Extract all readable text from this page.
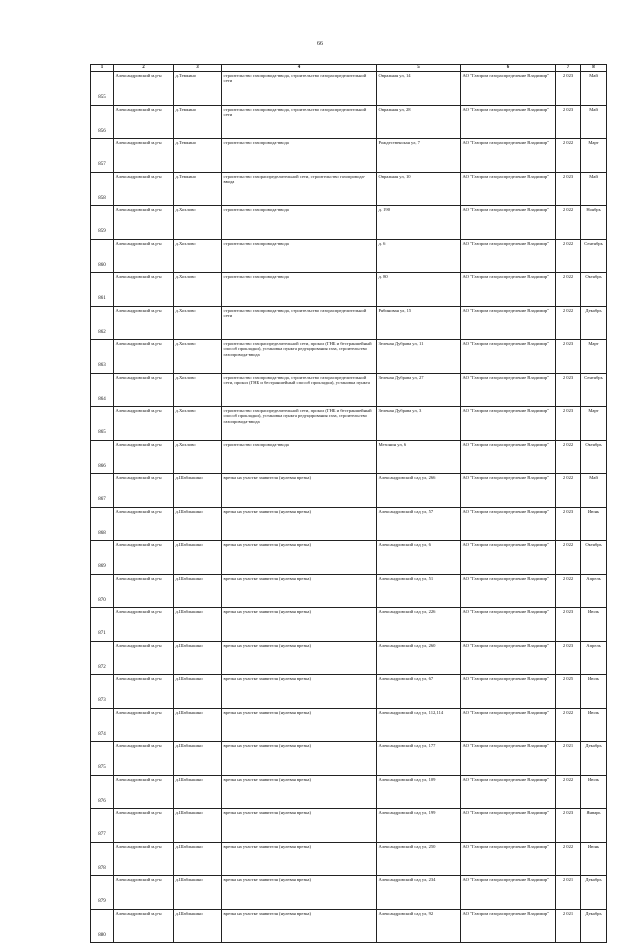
66
1	2	3	4	5	6	7	8
855	Александровский м.р-н	д.Темкино	строительство газопровода-ввода, строительство газораспределительной сети	Овражная ул, 14	АО "Газпром газораспределение Владимир"	2 023	Май
856	Александровский м.р-н	д.Темкино	строительство газопровода-ввода, строительство газораспределительной сети	Овражная ул, 28	АО "Газпром газораспределение Владимир"	2 023	Май
857	Александровский м.р-н	д.Темкино	строительство газопровода-ввода	Рождественская ул, 7	АО "Газпром газораспределение Владимир"	2 022	Март
858	Александровский м.р-н	д.Темкино	строительство газораспределительной сети, строительство газопровода-ввода	Овражная ул, 10	АО "Газпром газораспределение Владимир"	2 023	Май
859	Александровский м.р-н	д.Хохлово	строительство газопровода-ввода	д. 190	АО "Газпром газораспределение Владимир"	2 022	Ноябрь
860	Александровский м.р-н	д.Хохлово	строительство газопровода-ввода	д. 6	АО "Газпром газораспределение Владимир"	2 022	Сентябрь
861	Александровский м.р-н	д.Хохлово	строительство газопровода-ввода	д. 80	АО "Газпром газораспределение Владимир"	2 022	Октябрь
862	Александровский м.р-н	д.Хохлово	строительство газопровода-ввода, строительство газораспределительной сети	Рябиновая ул, 15	АО "Газпром газораспределение Владимир"	2 022	Декабрь
863	Александровский м.р-н	д.Хохлово	строительство газораспределительной сети, прокол (ГНБ и бестраншейный способ прокладки), установка пункта редуцирования газа, строительство газопровода-ввода	Зеленая Дубрава ул, 11	АО "Газпром газораспределение Владимир"	2 023	Март
864	Александровский м.р-н	д.Хохлово	строительство газопровода-ввода, строительство газораспределительной сети, прокол (ГНБ и бестраншейный способ прокладки), установка пункта	Зеленая Дубрава ул, 27	АО "Газпром газораспределение Владимир"	2 023	Сентябрь
865	Александровский м.р-н	д.Хохлово	строительство газораспределительной сети, прокол (ГНБ и бестраншейный способ прокладки), установка пункта редуцирования газа, строительство газопровода-ввода	Зеленая Дубрава ул, 3	АО "Газпром газораспределение Владимир"	2 023	Март
866	Александровский м.р-н	д.Хохлово	строительство газопровода-ввода	Мезонин ул, 6	АО "Газпром газораспределение Владимир"	2 022	Октябрь
867	Александровский м.р-н	д.Шаблыкино	врезка на участке заявителя (нулевая врезка)	Александровский сад ул, 266	АО "Газпром газораспределение Владимир"	2 022	Май
868	Александровский м.р-н	д.Шаблыкино	врезка на участке заявителя (нулевая врезка)	Александровский сад ул, 57	АО "Газпром газораспределение Владимир"	2 023	Июнь
869	Александровский м.р-н	д.Шаблыкино	врезка на участке заявителя (нулевая врезка)	Александровский сад ул, 6	АО "Газпром газораспределение Владимир"	2 022	Октябрь
870	Александровский м.р-н	д.Шаблыкино	врезка на участке заявителя (нулевая врезка)	Александровский сад ул, 51	АО "Газпром газораспределение Владимир"	2 022	Апрель
871	Александровский м.р-н	д.Шаблыкино	врезка на участке заявителя (нулевая врезка)	Александровский сад ул, 226	АО "Газпром газораспределение Владимир"	2 023	Июль
872	Александровский м.р-н	д.Шаблыкино	врезка на участке заявителя (нулевая врезка)	Александровский сад ул, 260	АО "Газпром газораспределение Владимир"	2 023	Апрель
873	Александровский м.р-н	д.Шаблыкино	врезка на участке заявителя (нулевая врезка)	Александровский сад ул, 67	АО "Газпром газораспределение Владимир"	2 025	Июль
874	Александровский м.р-н	д.Шаблыкино	врезка на участке заявителя (нулевая врезка)	Александровский сад ул, 112,114	АО "Газпром газораспределение Владимир"	2 022	Июль
875	Александровский м.р-н	д.Шаблыкино	врезка на участке заявителя (нулевая врезка)	Александровский сад ул, 177	АО "Газпром газораспределение Владимир"	2 021	Декабрь
876	Александровский м.р-н	д.Шаблыкино	врезка на участке заявителя (нулевая врезка)	Александровский сад ул, 109	АО "Газпром газораспределение Владимир"	2 022	Июль
877	Александровский м.р-н	д.Шаблыкино	врезка на участке заявителя (нулевая врезка)	Александровский сад ул, 199	АО "Газпром газораспределение Владимир"	2 023	Январь
878	Александровский м.р-н	д.Шаблыкино	врезка на участке заявителя (нулевая врезка)	Александровский сад ул, 250	АО "Газпром газораспределение Владимир"	2 022	Июнь
879	Александровский м.р-н	д.Шаблыкино	врезка на участке заявителя (нулевая врезка)	Александровский сад ул, 234	АО "Газпром газораспределение Владимир"	2 021	Декабрь
880	Александровский м.р-н	д.Шаблыкино	врезка на участке заявителя (нулевая врезка)	Александровский сад ул, 92	АО "Газпром газораспределение Владимир"	2 021	Декабрь
